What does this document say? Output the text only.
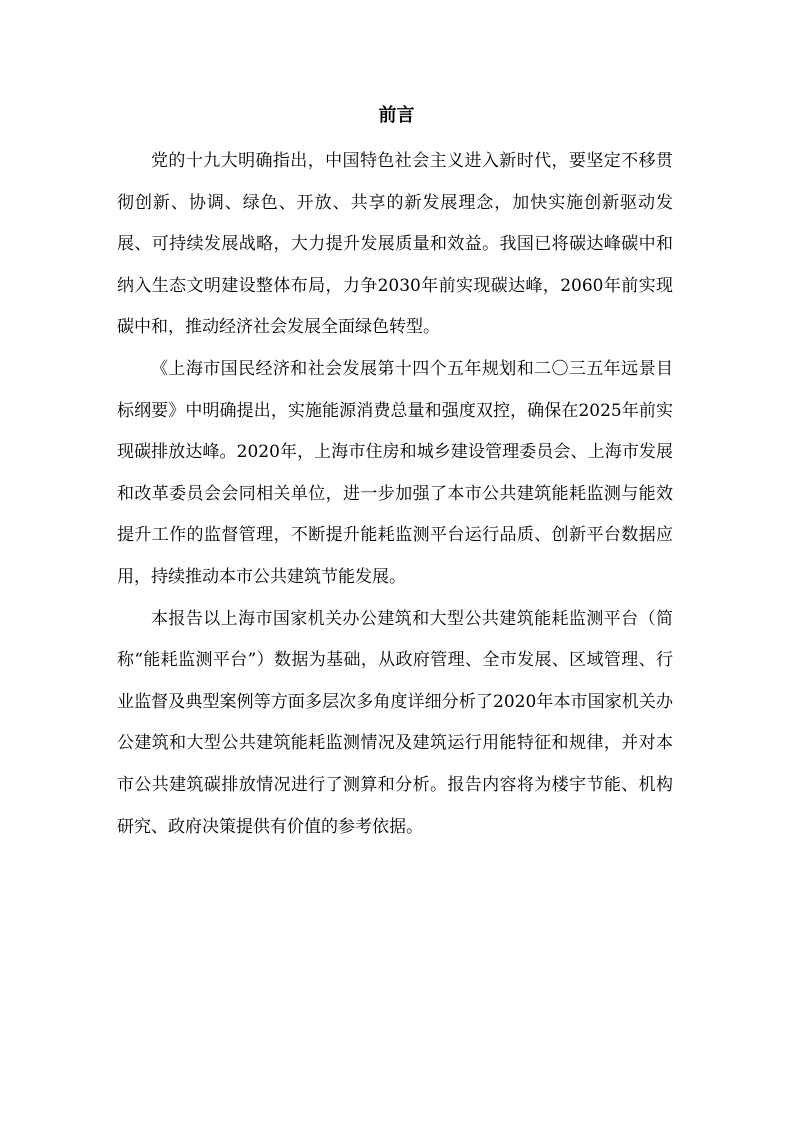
前言

党的十九大明确指出，中国特色社会主义进入新时代，要坚定不移贯彻创新、协调、绿色、开放、共享的新发展理念，加快实施创新驱动发展、可持续发展战略，大力提升发展质量和效益。我国已将碳达峰碳中和纳入生态文明建设整体布局，力争2030年前实现碳达峰，2060年前实现碳中和，推动经济社会发展全面绿色转型。

《上海市国民经济和社会发展第十四个五年规划和二〇三五年远景目标纲要》中明确提出，实施能源消费总量和强度双控，确保在2025年前实现碳排放达峰。2020年，上海市住房和城乡建设管理委员会、上海市发展和改革委员会会同相关单位，进一步加强了本市公共建筑能耗监测与能效提升工作的监督管理，不断提升能耗监测平台运行品质、创新平台数据应用，持续推动本市公共建筑节能发展。

本报告以上海市国家机关办公建筑和大型公共建筑能耗监测平台（简称“能耗监测平台”）数据为基础，从政府管理、全市发展、区域管理、行业监督及典型案例等方面多层次多角度详细分析了2020年本市国家机关办公建筑和大型公共建筑能耗监测情况及建筑运行用能特征和规律，并对本市公共建筑碳排放情况进行了测算和分析。报告内容将为楼宇节能、机构研究、政府决策提供有价值的参考依据。
